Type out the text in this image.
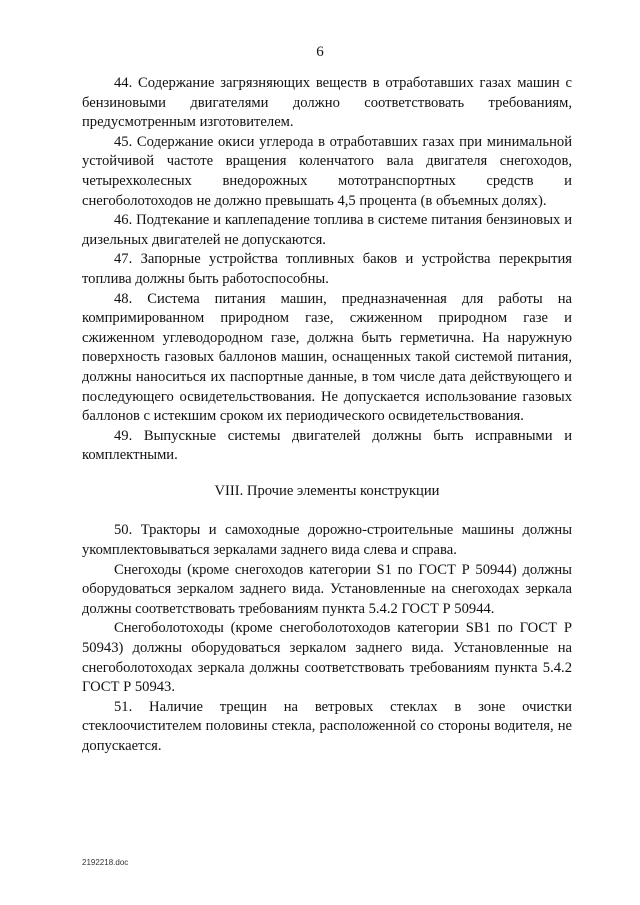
6

44. Содержание загрязняющих веществ в отработавших газах машин с бензиновыми двигателями должно соответствовать требованиям, предусмотренным изготовителем.

45. Содержание окиси углерода в отработавших газах при минимальной устойчивой частоте вращения коленчатого вала двигателя снегоходов, четырехколесных внедорожных мототранспортных средств и снегоболотоходов не должно превышать 4,5 процента (в объемных долях).

46. Подтекание и каплепадение топлива в системе питания бензиновых и дизельных двигателей не допускаются.

47. Запорные устройства топливных баков и устройства перекрытия топлива должны быть работоспособны.

48. Система питания машин, предназначенная для работы на компримированном природном газе, сжиженном природном газе и сжиженном углеводородном газе, должна быть герметична. На наружную поверхность газовых баллонов машин, оснащенных такой системой питания, должны наноситься их паспортные данные, в том числе дата действующего и последующего освидетельствования. Не допускается использование газовых баллонов с истекшим сроком их периодического освидетельствования.

49. Выпускные системы двигателей должны быть исправными и комплектными.

VIII. Прочие элементы конструкции

50. Тракторы и самоходные дорожно-строительные машины должны укомплектовываться зеркалами заднего вида слева и справа.

Снегоходы (кроме снегоходов категории S1 по ГОСТ Р 50944) должны оборудоваться зеркалом заднего вида. Установленные на снегоходах зеркала должны соответствовать требованиям пункта 5.4.2 ГОСТ Р 50944.

Снегоболотоходы (кроме снегоболотоходов категории SB1 по ГОСТ Р 50943) должны оборудоваться зеркалом заднего вида. Установленные на снегоболотоходах зеркала должны соответствовать требованиям пункта 5.4.2 ГОСТ Р 50943.

51. Наличие трещин на ветровых стеклах в зоне очистки стеклоочистителем половины стекла, расположенной со стороны водителя, не допускается.

2192218.doc
